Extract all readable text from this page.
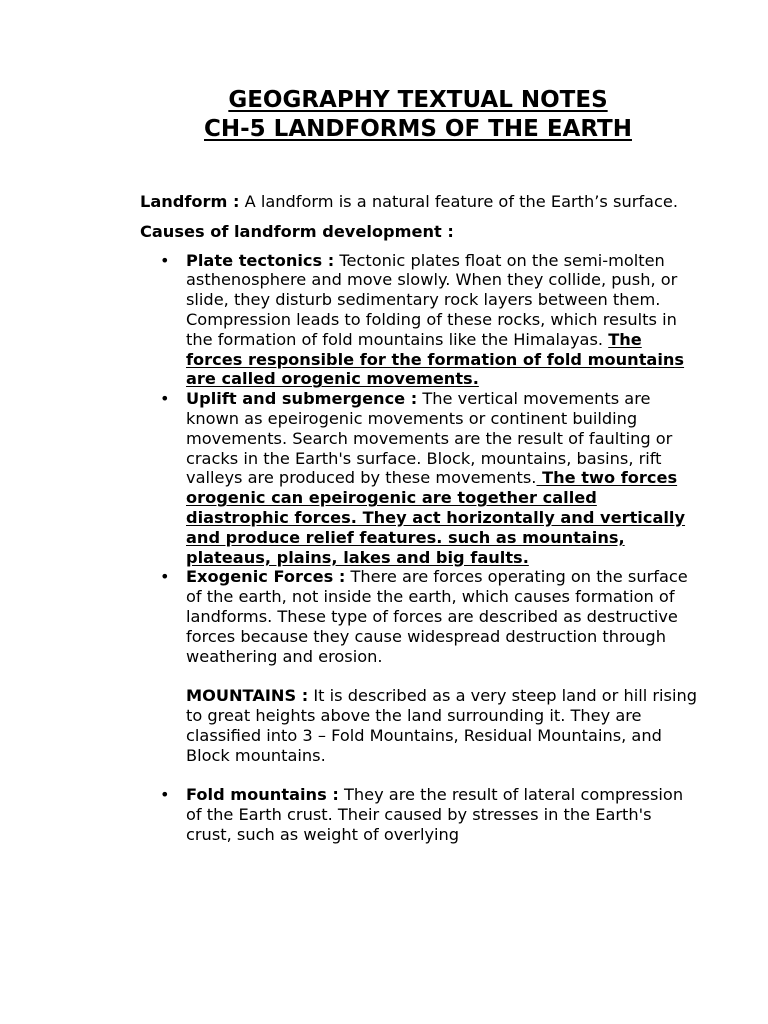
GEOGRAPHY TEXTUAL NOTES
CH-5 LANDFORMS OF THE EARTH

Landform : A landform is a natural feature of the Earth’s surface.

Causes of landform development :

• Plate tectonics : Tectonic plates float on the semi-molten asthenosphere and move slowly. When they collide, push, or slide, they disturb sedimentary rock layers between them. Compression leads to folding of these rocks, which results in the formation of fold mountains like the Himalayas. The forces responsible for the formation of fold mountains are called orogenic movements.
• Uplift and submergence : The vertical movements are known as epeirogenic movements or continent building movements. Search movements are the result of faulting or cracks in the Earth's surface. Block, mountains, basins, rift valleys are produced by these movements. The two forces orogenic can epeirogenic are together called diastrophic forces. They act horizontally and vertically and produce relief features. such as mountains, plateaus, plains, lakes and big faults.
• Exogenic Forces : There are forces operating on the surface of the earth, not inside the earth, which causes formation of landforms. These type of forces are described as destructive forces because they cause widespread destruction through weathering and erosion.

MOUNTAINS : It is described as a very steep land or hill rising to great heights above the land surrounding it. They are classified into 3 – Fold Mountains, Residual Mountains, and Block mountains.

• Fold mountains : They are the result of lateral compression of the Earth crust. Their caused by stresses in the Earth's crust, such as weight of overlying
